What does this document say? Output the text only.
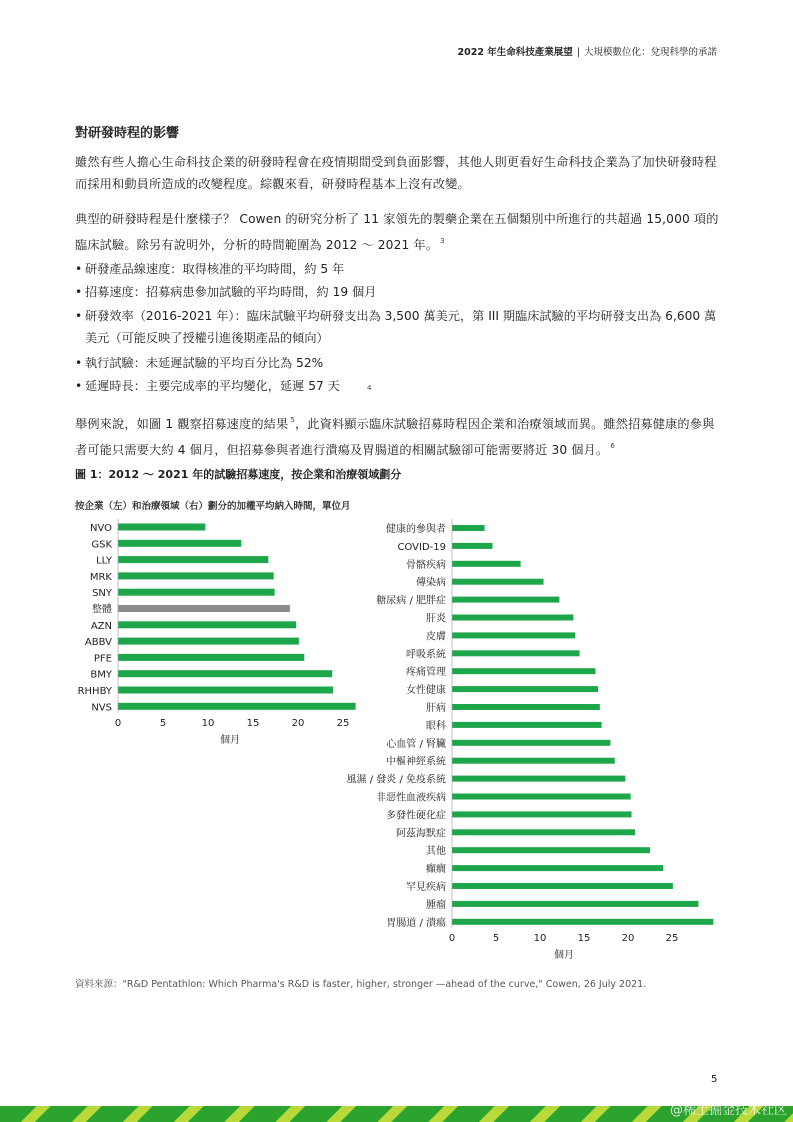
2022 年生命科技產業展望 | 大規模數位化：兌現科學的承諾
對研發時程的影響
雖然有些人擔心生命科技企業的研發時程會在疫情期間受到負面影響，其他人則更看好生命科技企業為了加快研發時程而採用和動員所造成的改變程度。綜觀來看，研發時程基本上沒有改變。
典型的研發時程是什麼樣子？ Cowen 的研究分析了 11 家領先的製藥企業在五個類別中所進行的共超過 15,000 項的臨床試驗。除另有說明外，分析的時間範圍為 2012 ～ 2021 年。 $^3$
• 研發產品線速度：取得核准的平均時間，約 5 年
• 招募速度：招募病患參加試驗的平均時間，約 19 個月
• 研發效率（2016-2021 年）：臨床試驗平均研發支出為 3,500 萬美元，第 III 期臨床試驗的平均研發支出為 6,600 萬美元（可能反映了授權引進後期產品的傾向）
• 執行試驗：未延遲試驗的平均百分比為 52%
• 延遲時長：主要完成率的平均變化，延遲 57 天	4
舉例來說，如圖 1 觀察招募速度的結果 $^5$，此資料顯示臨床試驗招募時程因企業和治療領域而異。雖然招募健康的參與者可能只需要大約 4 個月，但招募參與者進行潰瘍及胃腸道的相關試驗卻可能需要將近 30 個月。 $^6$
圖 1：2012 ～ 2021 年的試驗招募速度，按企業和治療領域劃分
按企業（左）和治療領域（右）劃分的加權平均納入時間，單位月
NVO
GSK
LLY
MRK
SNY
整體
AZN
ABBV
PFE
BMY
RHHBY
NVS
0	5	10	15	20	25
個月
健康的參與者
COVID-19
骨骼疾病
傳染病
糖尿病 / 肥胖症
肝炎
皮膚
呼吸系統
疼痛管理
女性健康
肝病
眼科
心血管 / 腎臟
中樞神經系統
風濕 / 發炎 / 免疫系統
非惡性血液疾病
多發性硬化症
阿茲海默症
其他
癲癇
罕見疾病
腫瘤
胃腸道 / 潰瘍
0	5	10	15	20	25
個月
資料來源："R&D Pentathlon: Which Pharma's R&D is faster, higher, stronger —ahead of the curve," Cowen, 26 July 2021.
5
@稀土掘金技术社区
